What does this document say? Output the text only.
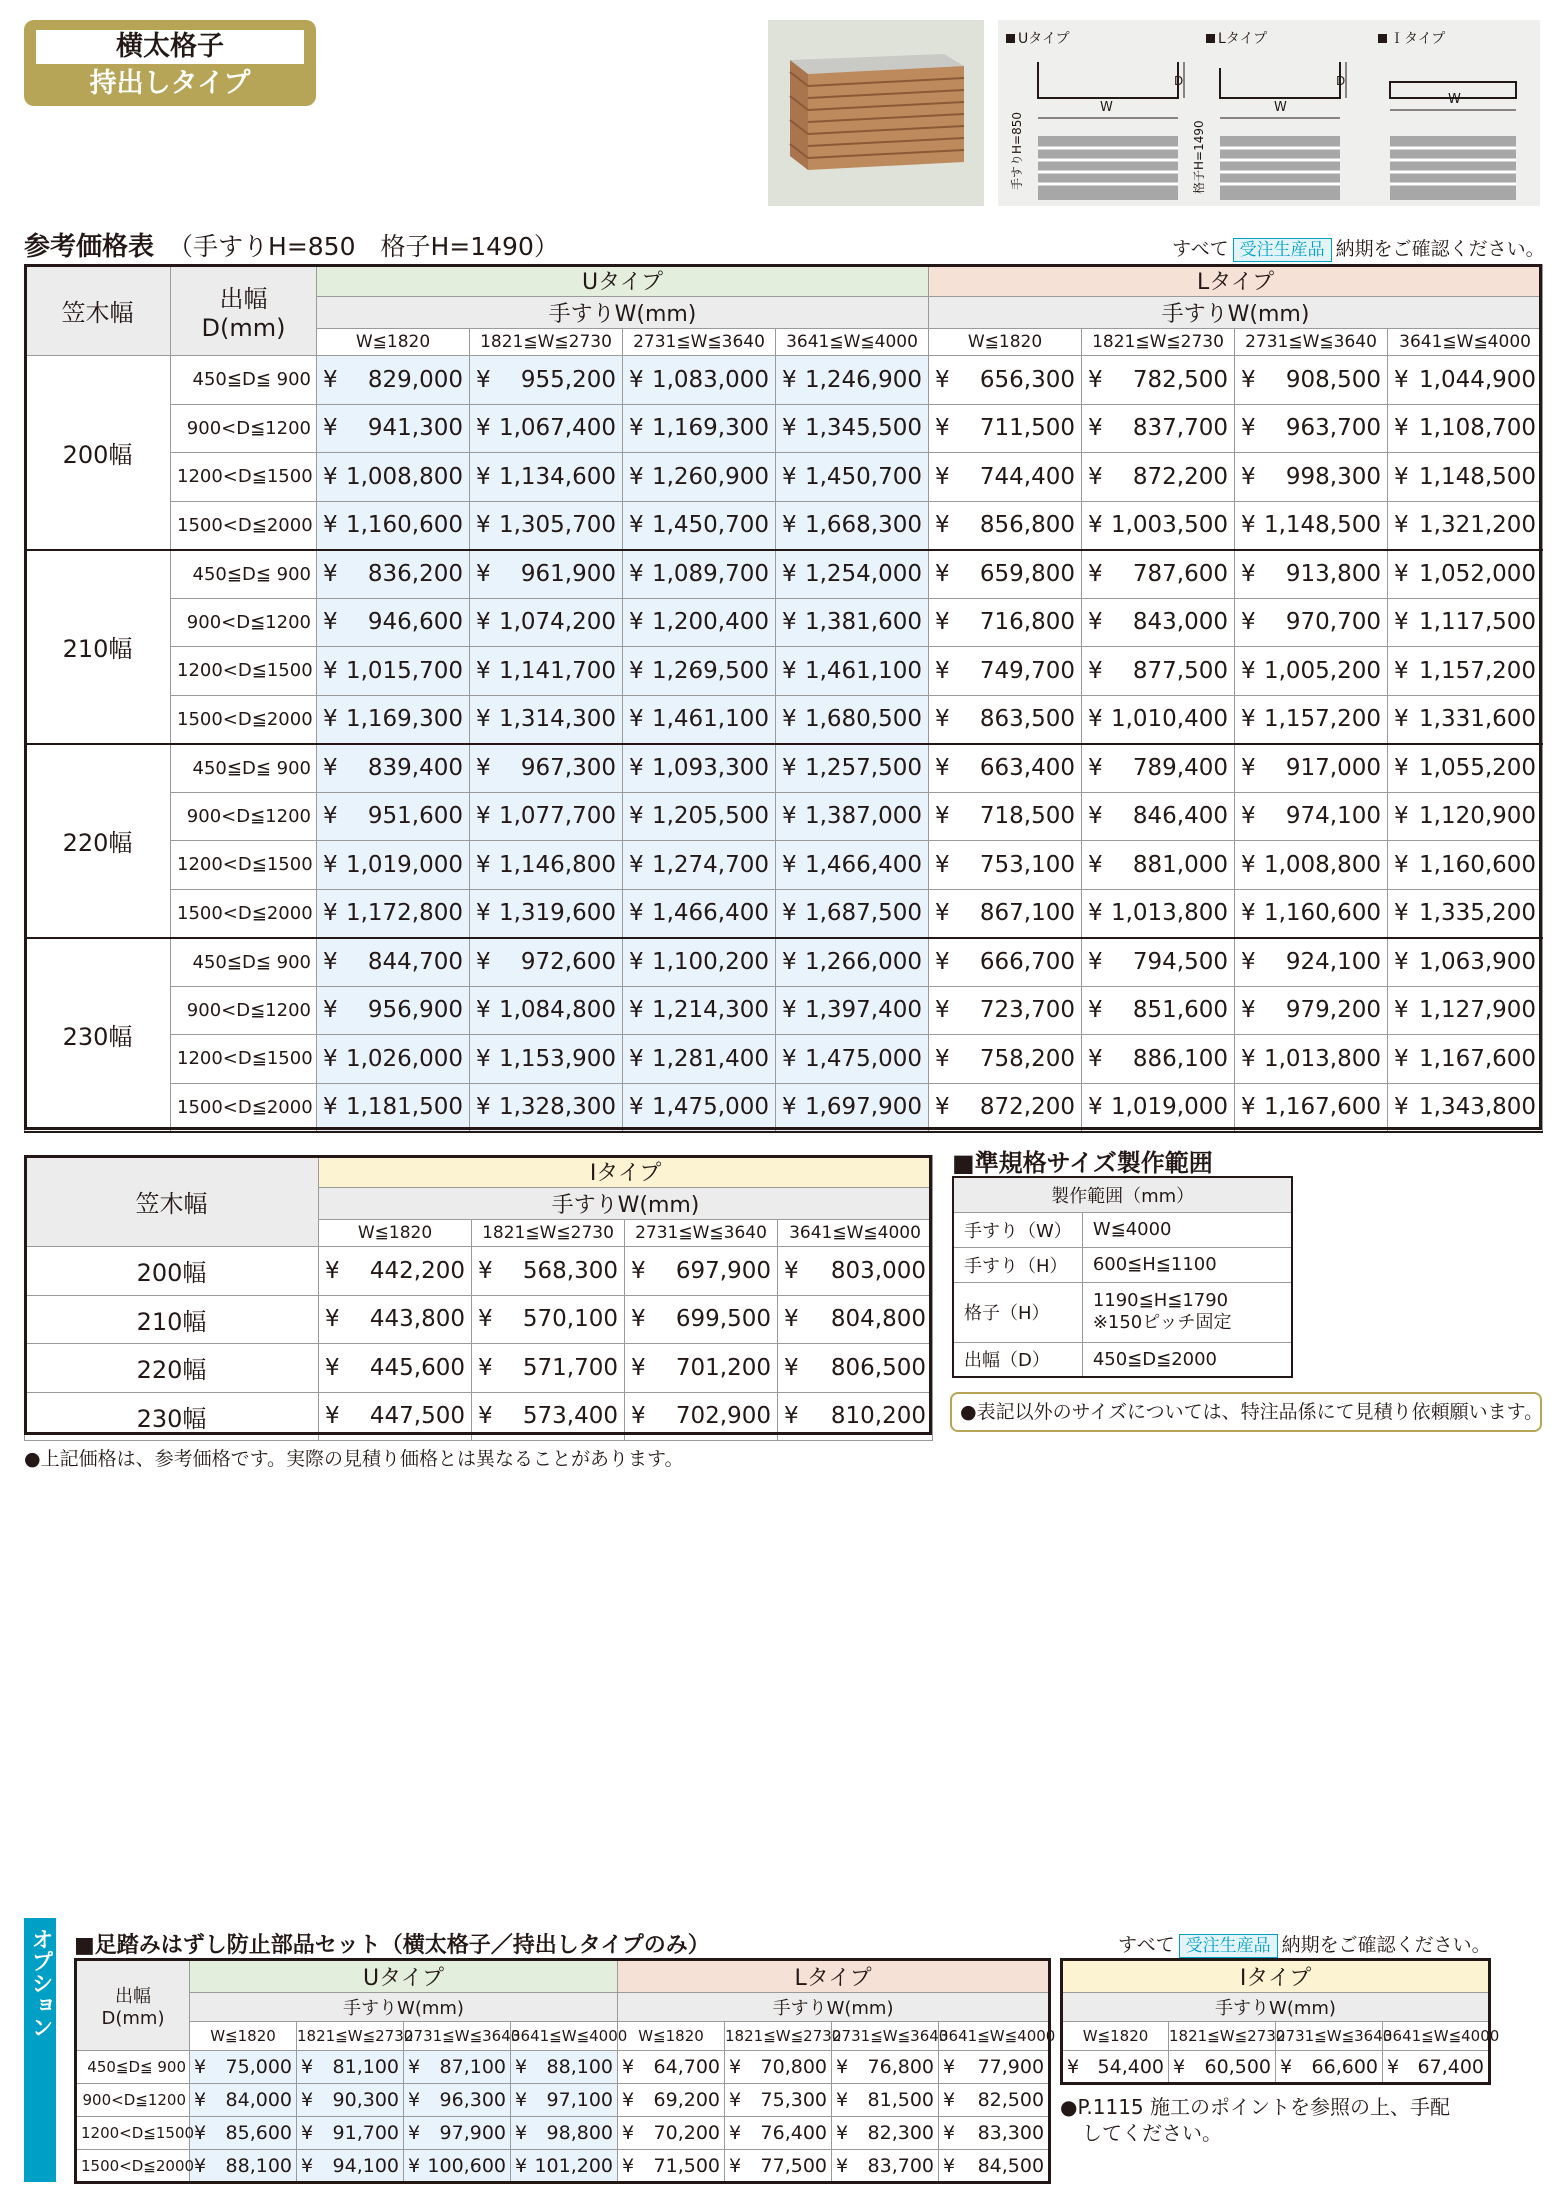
横太格子
持出しタイプ
Uタイプ	Lタイプ	Ｉタイプ
W	W
W
D	D
手すりH=850	格子H=1490
参考価格表 （手すりH=850　格子H=1490）	すべて 受注生産品 納期をご確認ください。
笠木幅	出幅
D(mm)	Uタイプ				Lタイプ			
		手すりW(mm)				手すりW(mm)			
		W≦1820	1821≦W≦2730	2731≦W≦3640	3641≦W≦4000	W≦1820	1821≦W≦2730	2731≦W≦3640	3641≦W≦4000
200幅	450≦D≦ 900	¥ 829,000	¥ 955,200	¥ 1,083,000	¥ 1,246,900	¥ 656,300	¥ 782,500	¥ 908,500	¥ 1,044,900
	900<D≦1200	¥ 941,300	¥ 1,067,400	¥ 1,169,300	¥ 1,345,500	¥ 711,500	¥ 837,700	¥ 963,700	¥ 1,108,700
	1200<D≦1500	¥ 1,008,800	¥ 1,134,600	¥ 1,260,900	¥ 1,450,700	¥ 744,400	¥ 872,200	¥ 998,300	¥ 1,148,500
	1500<D≦2000	¥ 1,160,600	¥ 1,305,700	¥ 1,450,700	¥ 1,668,300	¥ 856,800	¥ 1,003,500	¥ 1,148,500	¥ 1,321,200
210幅	450≦D≦ 900	¥ 836,200	¥ 961,900	¥ 1,089,700	¥ 1,254,000	¥ 659,800	¥ 787,600	¥ 913,800	¥ 1,052,000
	900<D≦1200	¥ 946,600	¥ 1,074,200	¥ 1,200,400	¥ 1,381,600	¥ 716,800	¥ 843,000	¥ 970,700	¥ 1,117,500
	1200<D≦1500	¥ 1,015,700	¥ 1,141,700	¥ 1,269,500	¥ 1,461,100	¥ 749,700	¥ 877,500	¥ 1,005,200	¥ 1,157,200
	1500<D≦2000	¥ 1,169,300	¥ 1,314,300	¥ 1,461,100	¥ 1,680,500	¥ 863,500	¥ 1,010,400	¥ 1,157,200	¥ 1,331,600
220幅	450≦D≦ 900	¥ 839,400	¥ 967,300	¥ 1,093,300	¥ 1,257,500	¥ 663,400	¥ 789,400	¥ 917,000	¥ 1,055,200
	900<D≦1200	¥ 951,600	¥ 1,077,700	¥ 1,205,500	¥ 1,387,000	¥ 718,500	¥ 846,400	¥ 974,100	¥ 1,120,900
	1200<D≦1500	¥ 1,019,000	¥ 1,146,800	¥ 1,274,700	¥ 1,466,400	¥ 753,100	¥ 881,000	¥ 1,008,800	¥ 1,160,600
	1500<D≦2000	¥ 1,172,800	¥ 1,319,600	¥ 1,466,400	¥ 1,687,500	¥ 867,100	¥ 1,013,800	¥ 1,160,600	¥ 1,335,200
230幅	450≦D≦ 900	¥ 844,700	¥ 972,600	¥ 1,100,200	¥ 1,266,000	¥ 666,700	¥ 794,500	¥ 924,100	¥ 1,063,900
	900<D≦1200	¥ 956,900	¥ 1,084,800	¥ 1,214,300	¥ 1,397,400	¥ 723,700	¥ 851,600	¥ 979,200	¥ 1,127,900
	1200<D≦1500	¥ 1,026,000	¥ 1,153,900	¥ 1,281,400	¥ 1,475,000	¥ 758,200	¥ 886,100	¥ 1,013,800	¥ 1,167,600
	1500<D≦2000	¥ 1,181,500	¥ 1,328,300	¥ 1,475,000	¥ 1,697,900	¥ 872,200	¥ 1,019,000	¥ 1,167,600	¥ 1,343,800
笠木幅	Iタイプ			
	手すりW(mm)			
	W≦1820	1821≦W≦2730	2731≦W≦3640	3641≦W≦4000
200幅	¥ 442,200	¥ 568,300	¥ 697,900	¥ 803,000
210幅	¥ 443,800	¥ 570,100	¥ 699,500	¥ 804,800
220幅	¥ 445,600	¥ 571,700	¥ 701,200	¥ 806,500
230幅	¥ 447,500	¥ 573,400	¥ 702,900	¥ 810,200
●上記価格は、参考価格です。実際の見積り価格とは異なることがあります。
■準規格サイズ製作範囲
製作範囲（mm）	
手すり（W）	W≦4000

手すり（H）	600≦H≦1100

格子（H）	1190≦H≦1790
※150ピッチ固定

出幅（D）	450≦D≦2000
●表記以外のサイズについては、特注品係にて見積り依頼願います。
オプション ■足踏みはずし防止部品セット（横太格子／持出しタイプのみ）	すべて 受注生産品 納期をご確認ください。
出幅
D(mm)	Uタイプ				Lタイプ			
	手すりW(mm)				手すりW(mm)			
	W≦1820	1821≦W≦2730	2731≦W≦3640	3641≦W≦4000	W≦1820	1821≦W≦2730	2731≦W≦3640	3641≦W≦4000
450≦D≦ 900	¥ 75,000	¥ 81,100	¥ 87,100	¥ 88,100	¥ 64,700	¥ 70,800	¥ 76,800	¥ 77,900
900<D≦1200	¥ 84,000	¥ 90,300	¥ 96,300	¥ 97,100	¥ 69,200	¥ 75,300	¥ 81,500	¥ 82,500
1200<D≦1500	¥ 85,600	¥ 91,700	¥ 97,900	¥ 98,800	¥ 70,200	¥ 76,400	¥ 82,300	¥ 83,300
1500<D≦2000	¥ 88,100	¥ 94,100	¥ 100,600	¥ 101,200	¥ 71,500	¥ 77,500	¥ 83,700	¥ 84,500
Iタイプ			
手すりW(mm)			
W≦1820	1821≦W≦2730	2731≦W≦3640	3641≦W≦4000

¥ 54,400	¥ 60,500	¥ 66,600	¥ 67,400
●P.1115 施工のポイントを参照の上、手配
してください。
